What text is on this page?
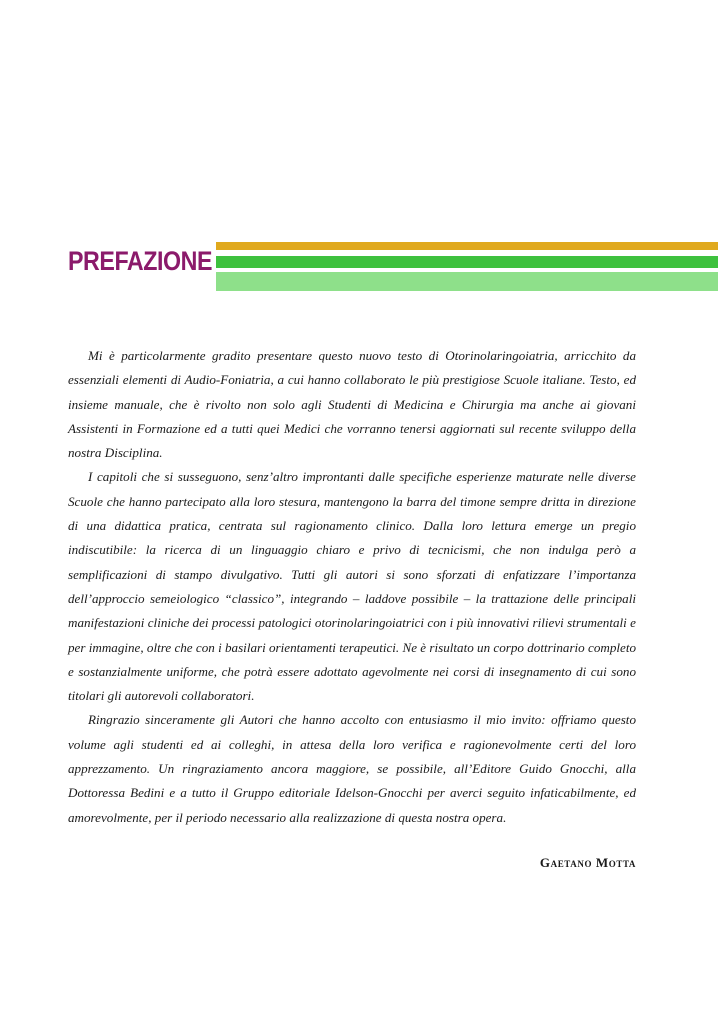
PREFAZIONE

Mi è particolarmente gradito presentare questo nuovo testo di Otorinolaringoiatria, arricchito da essenziali elementi di Audio-Foniatria, a cui hanno collaborato le più prestigiose Scuole italiane. Testo, ed insieme manuale, che è rivolto non solo agli Studenti di Medicina e Chirurgia ma anche ai giovani Assistenti in Formazione ed a tutti quei Medici che vorranno tenersi aggiornati sul recente sviluppo della nostra Disciplina.

I capitoli che si susseguono, senz’altro improntanti dalle specifiche esperienze maturate nelle diverse Scuole che hanno partecipato alla loro stesura, mantengono la barra del timone sempre dritta in direzione di una didattica pratica, centrata sul ragionamento clinico. Dalla loro lettura emerge un pregio indiscutibile: la ricerca di un linguaggio chiaro e privo di tecnicismi, che non indulga però a semplificazioni di stampo divulgativo. Tutti gli autori si sono sforzati di enfatizzare l’importanza dell’approccio semeiologico “classico”, integrando – laddove possibile – la trattazione delle principali manifestazioni cliniche dei processi patologici otorinolaringoiatrici con i più innovativi rilievi strumentali e per immagine, oltre che con i basilari orientamenti terapeutici. Ne è risultato un corpo dottrinario completo e sostanzialmente uniforme, che potrà essere adottato agevolmente nei corsi di insegnamento di cui sono titolari gli autorevoli collaboratori.

Ringrazio sinceramente gli Autori che hanno accolto con entusiasmo il mio invito: offriamo questo volume agli studenti ed ai colleghi, in attesa della loro verifica e ragionevolmente certi del loro apprezzamento. Un ringraziamento ancora maggiore, se possibile, all’Editore Guido Gnocchi, alla Dottoressa Bedini e a tutto il Gruppo editoriale Idelson-Gnocchi per averci seguito infaticabilmente, ed amorevolmente, per il periodo necessario alla realizzazione di questa nostra opera.

Gaetano Motta
